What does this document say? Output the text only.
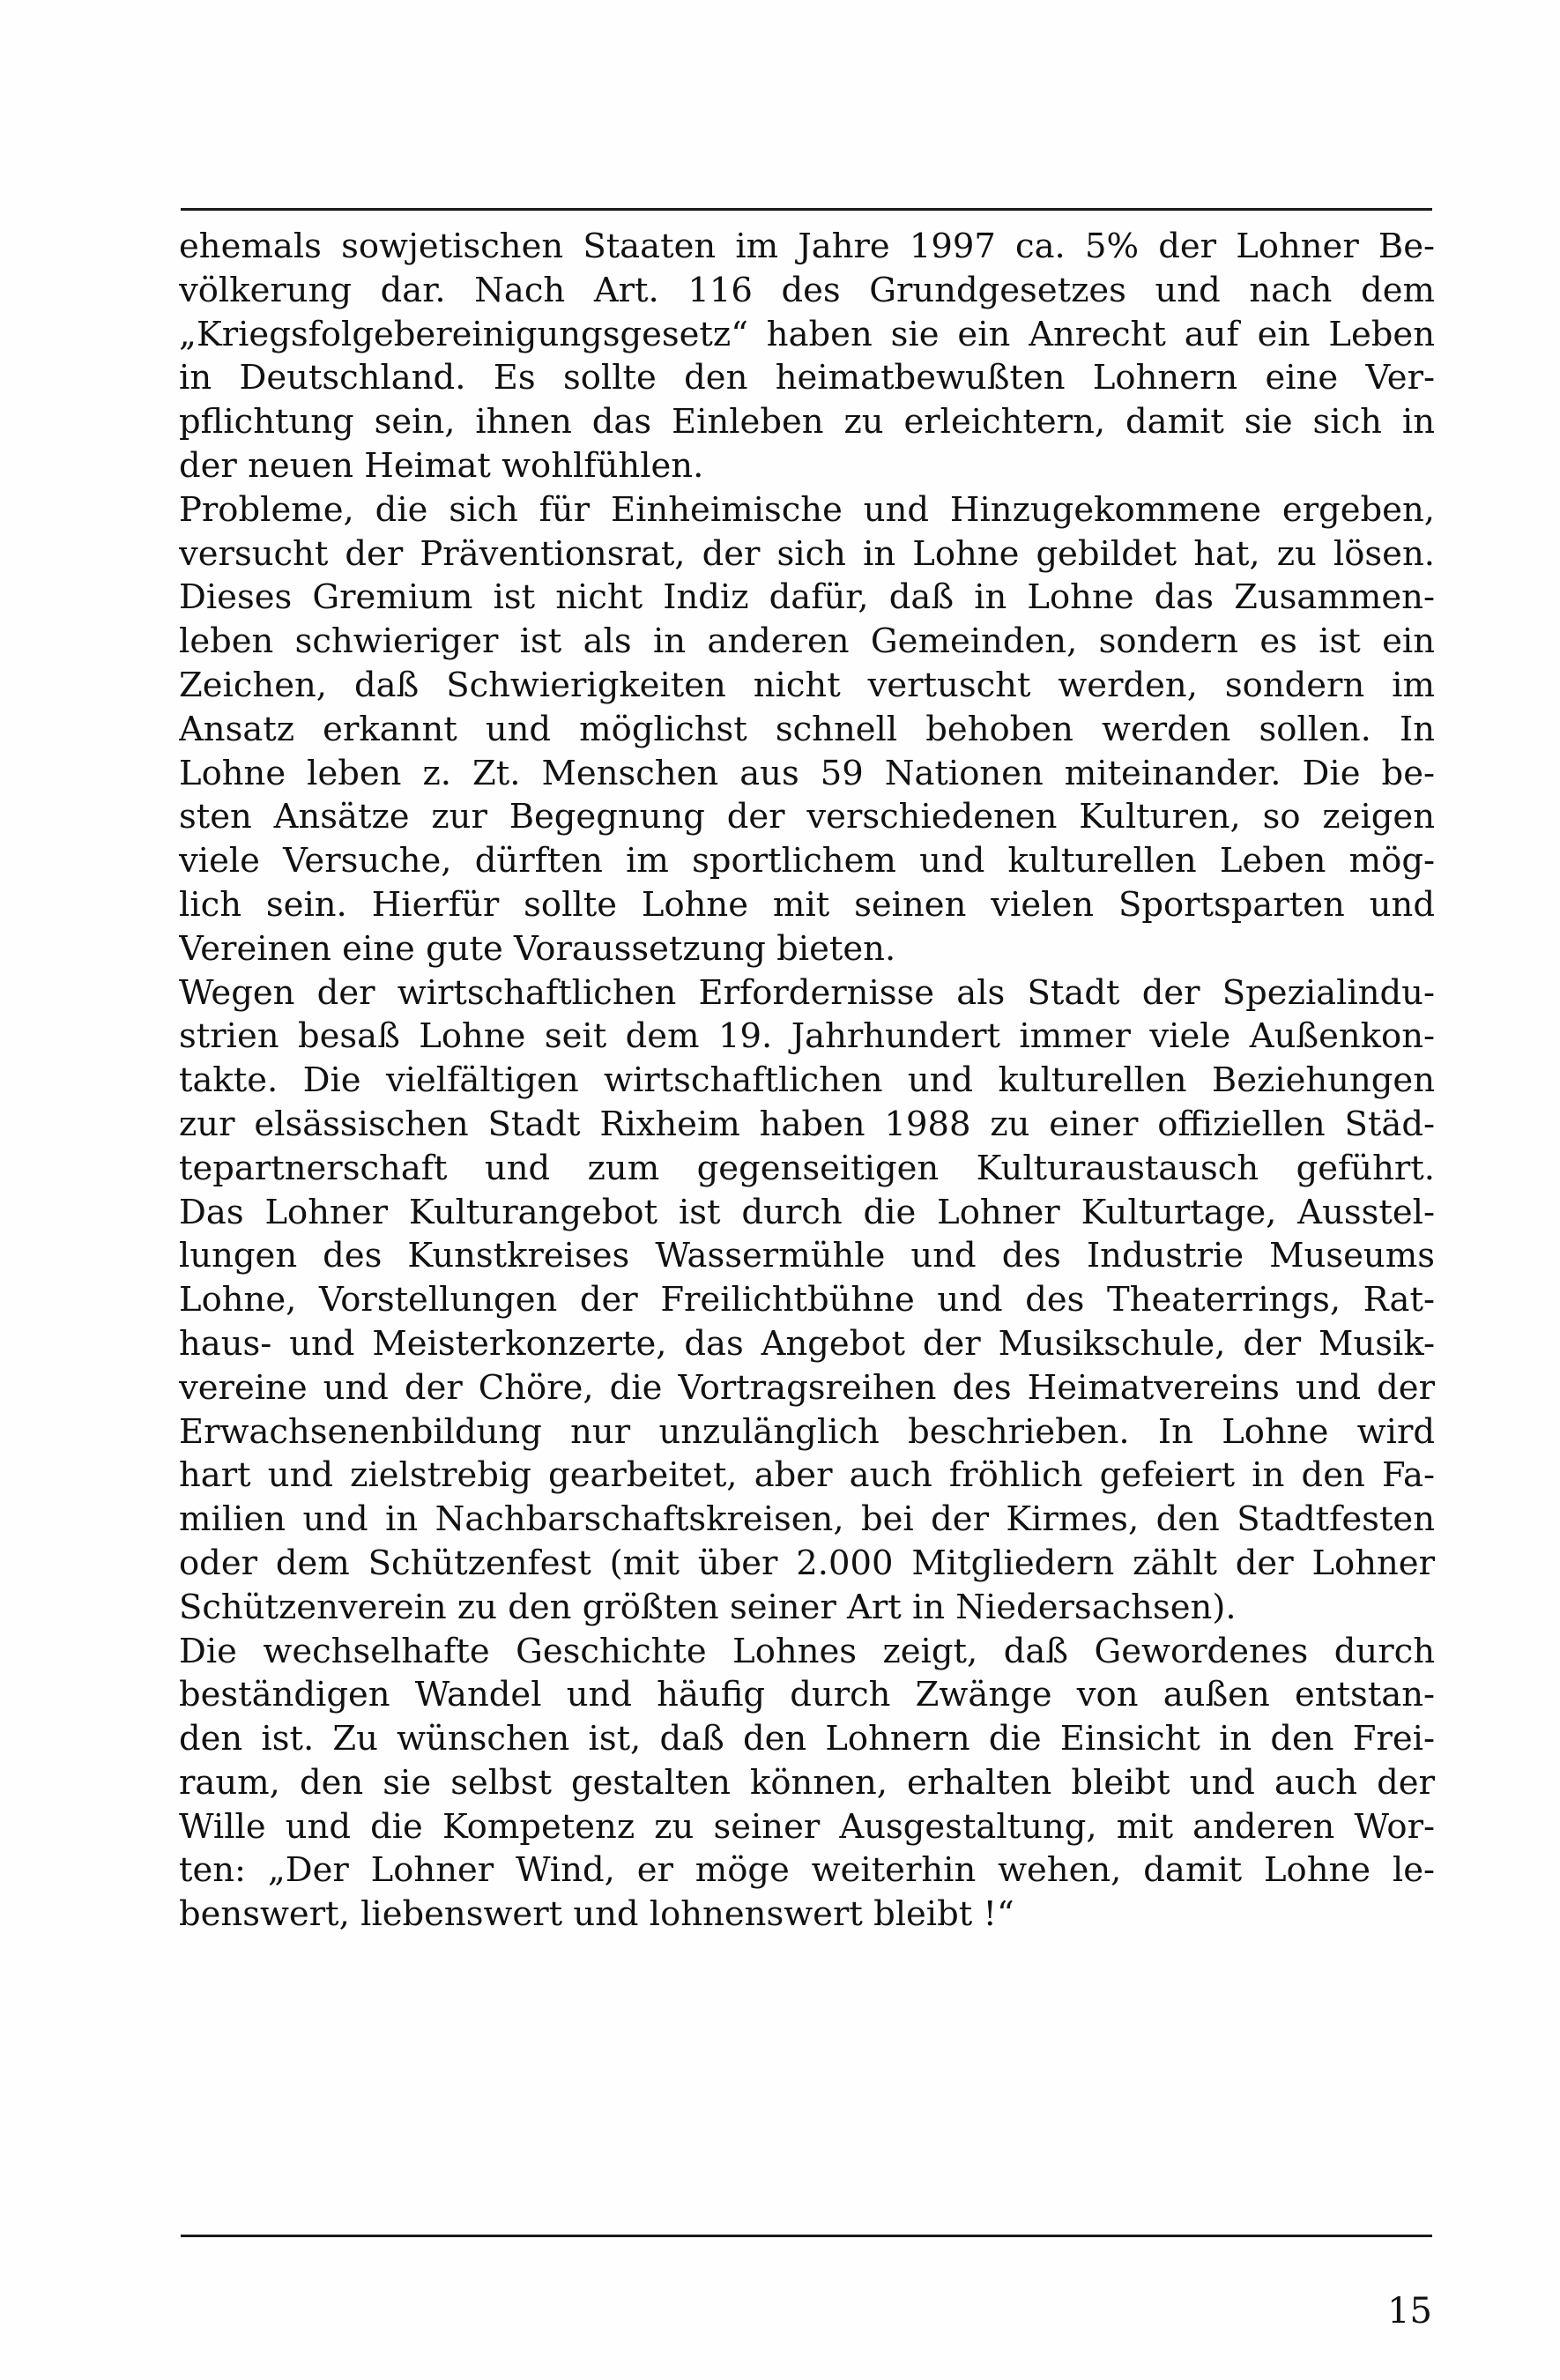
ehemals sowjetischen Staaten im Jahre 1997 ca. 5% der Lohner Be-
völkerung dar. Nach Art. 116 des Grundgesetzes und nach dem
„Kriegsfolgebereinigungsgesetz“ haben sie ein Anrecht auf ein Leben
in Deutschland. Es sollte den heimatbewußten Lohnern eine Ver-
pflichtung sein, ihnen das Einleben zu erleichtern, damit sie sich in
der neuen Heimat wohlfühlen.
Probleme, die sich für Einheimische und Hinzugekommene ergeben,
versucht der Präventionsrat, der sich in Lohne gebildet hat, zu lösen.
Dieses Gremium ist nicht Indiz dafür, daß in Lohne das Zusammen-
leben schwieriger ist als in anderen Gemeinden, sondern es ist ein
Zeichen, daß Schwierigkeiten nicht vertuscht werden, sondern im
Ansatz erkannt und möglichst schnell behoben werden sollen. In
Lohne leben z. Zt. Menschen aus 59 Nationen miteinander. Die be-
sten Ansätze zur Begegnung der verschiedenen Kulturen, so zeigen
viele Versuche, dürften im sportlichem und kulturellen Leben mög-
lich sein. Hierfür sollte Lohne mit seinen vielen Sportsparten und
Vereinen eine gute Voraussetzung bieten.
Wegen der wirtschaftlichen Erfordernisse als Stadt der Spezialindu-
strien besaß Lohne seit dem 19. Jahrhundert immer viele Außenkon-
takte. Die vielfältigen wirtschaftlichen und kulturellen Beziehungen
zur elsässischen Stadt Rixheim haben 1988 zu einer offiziellen Städ-
tepartnerschaft und zum gegenseitigen Kulturaustausch geführt.
Das Lohner Kulturangebot ist durch die Lohner Kulturtage, Ausstel-
lungen des Kunstkreises Wassermühle und des Industrie Museums
Lohne, Vorstellungen der Freilichtbühne und des Theaterrings, Rat-
haus- und Meisterkonzerte, das Angebot der Musikschule, der Musik-
vereine und der Chöre, die Vortragsreihen des Heimatvereins und der
Erwachsenenbildung nur unzulänglich beschrieben. In Lohne wird
hart und zielstrebig gearbeitet, aber auch fröhlich gefeiert in den Fa-
milien und in Nachbarschaftskreisen, bei der Kirmes, den Stadtfesten
oder dem Schützenfest (mit über 2.000 Mitgliedern zählt der Lohner
Schützenverein zu den größten seiner Art in Niedersachsen).
Die wechselhafte Geschichte Lohnes zeigt, daß Gewordenes durch
beständigen Wandel und häufig durch Zwänge von außen entstan-
den ist. Zu wünschen ist, daß den Lohnern die Einsicht in den Frei-
raum, den sie selbst gestalten können, erhalten bleibt und auch der
Wille und die Kompetenz zu seiner Ausgestaltung, mit anderen Wor-
ten: „Der Lohner Wind, er möge weiterhin wehen, damit Lohne le-
benswert, liebenswert und lohnenswert bleibt !“
15
